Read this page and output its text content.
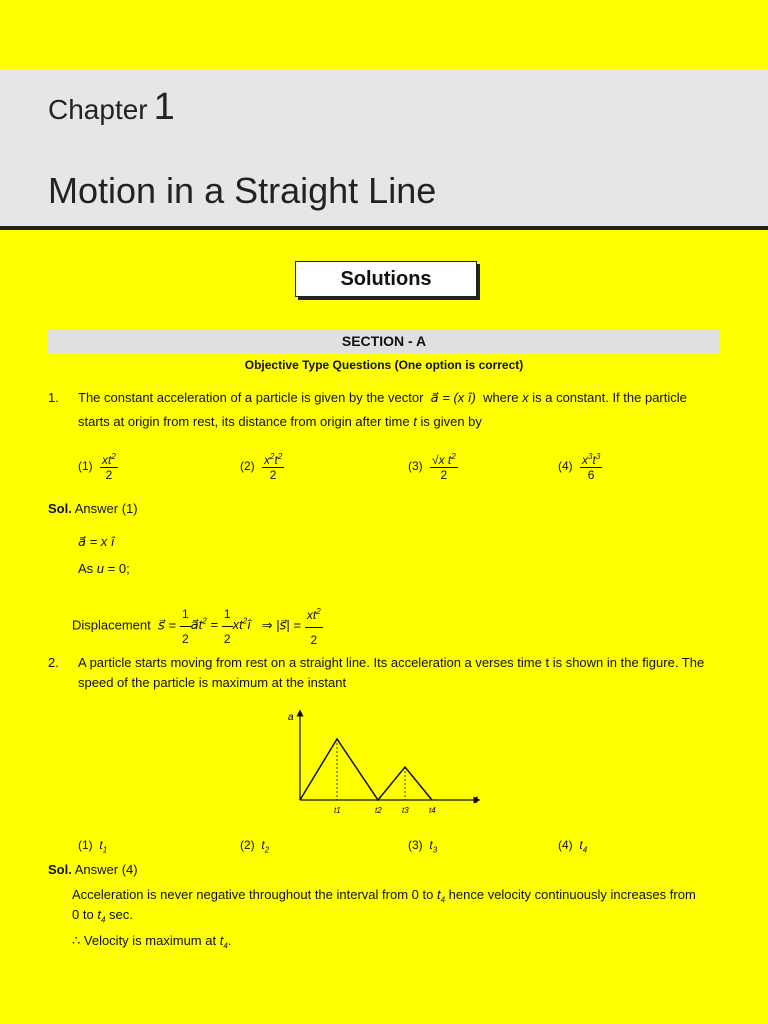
Chapter 1
Motion in a Straight Line
Solutions
SECTION - A
Objective Type Questions (One option is correct)
1. The constant acceleration of a particle is given by the vector  a⃗ = (x î)  where x is a constant. If the particle
starts at origin from rest, its distance from origin after time t is given by
$(1) \frac{xt^2}{2}$	$(2) \frac{x^2t^2}{2}$	$(3) \frac{√x t^2}{2}$	$(4) \frac{x^3t^3}{6}$
Sol. Answer (1)
a⃗ = x î
As u = 0;
Displacement  s⃗ = $\frac{1}{2}$ $a⃗t^2 = \frac{1}{2}$ $xt^2î$   ⇒ |s⃗| = $\frac{xt^2}{2}$
2. A particle starts moving from rest on a straight line. Its acceleration a verses time t is shown in the figure. The
speed of the particle is maximum at the instant
a
t
t1	t2	t3	t4
(1) $t_1$	(2) $t_2$	(3) $t_3$	(4) $t_4$
Sol. Answer (4)
Acceleration is never negative throughout the interval from 0 to $t_4$ hence velocity continuously increases from
0 to $t_4$ sec.
∴ Velocity is maximum at $t_4$.
